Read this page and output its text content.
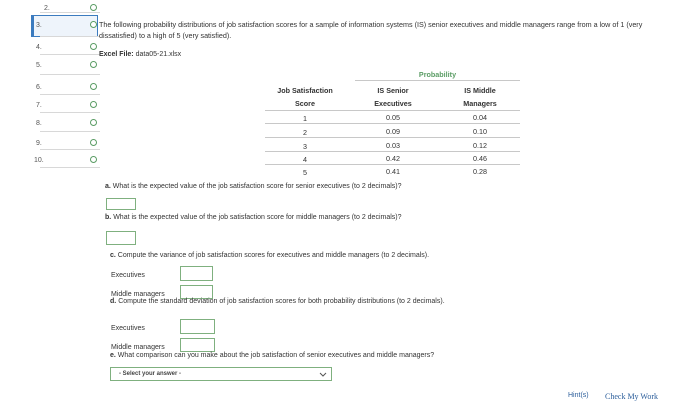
2.
3.
4.
5.
6.
7.
8.
9.
10.
The following probability distributions of job satisfaction scores for a sample of information systems (IS) senior executives and middle managers range from a low of 1 (very dissatisfied) to a high of 5 (very satisfied).
Excel File: data05-21.xlsx
Probability
Job Satisfaction
Score
IS Senior
Executives
IS Middle
Managers
1	0.05	0.04
2	0.09	0.10
3	0.03	0.12
4	0.42	0.46
5	0.41	0.28
a. What is the expected value of the job satisfaction score for senior executives (to 2 decimals)?
b. What is the expected value of the job satisfaction score for middle managers (to 2 decimals)?
c. Compute the variance of job satisfaction scores for executives and middle managers (to 2 decimals).
Executives
Middle managers
d. Compute the standard deviation of job satisfaction scores for both probability distributions (to 2 decimals).
Executives
Middle managers
e. What comparison can you make about the job satisfaction of senior executives and middle managers?
- Select your answer -
Hint(s) Check My Work
